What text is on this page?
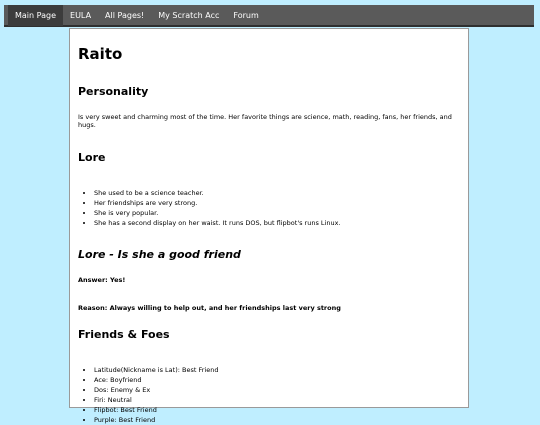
Main Page	EULA	All Pages!	My Scratch Acc	Forum
Raito
Personality

Is very sweet and charming most of the time. Her favorite things are science, math, reading, fans, her friends, and hugs.

Lore
• She used to be a science teacher.
• Her friendships are very strong.
• She is very popular.
• She has a second display on her waist. It runs DOS, but flipbot's runs Linux.
Lore - Is she a good friend

Answer: Yes!

Reason: Always willing to help out, and her friendships last very strong

Friends & Foes
• Latitude(Nickname is Lat): Best Friend
• Ace: Boyfriend
• Dos: Enemy & Ex
• Firi: Neutral
• Flipbot: Best Friend
• Purple: Best Friend
